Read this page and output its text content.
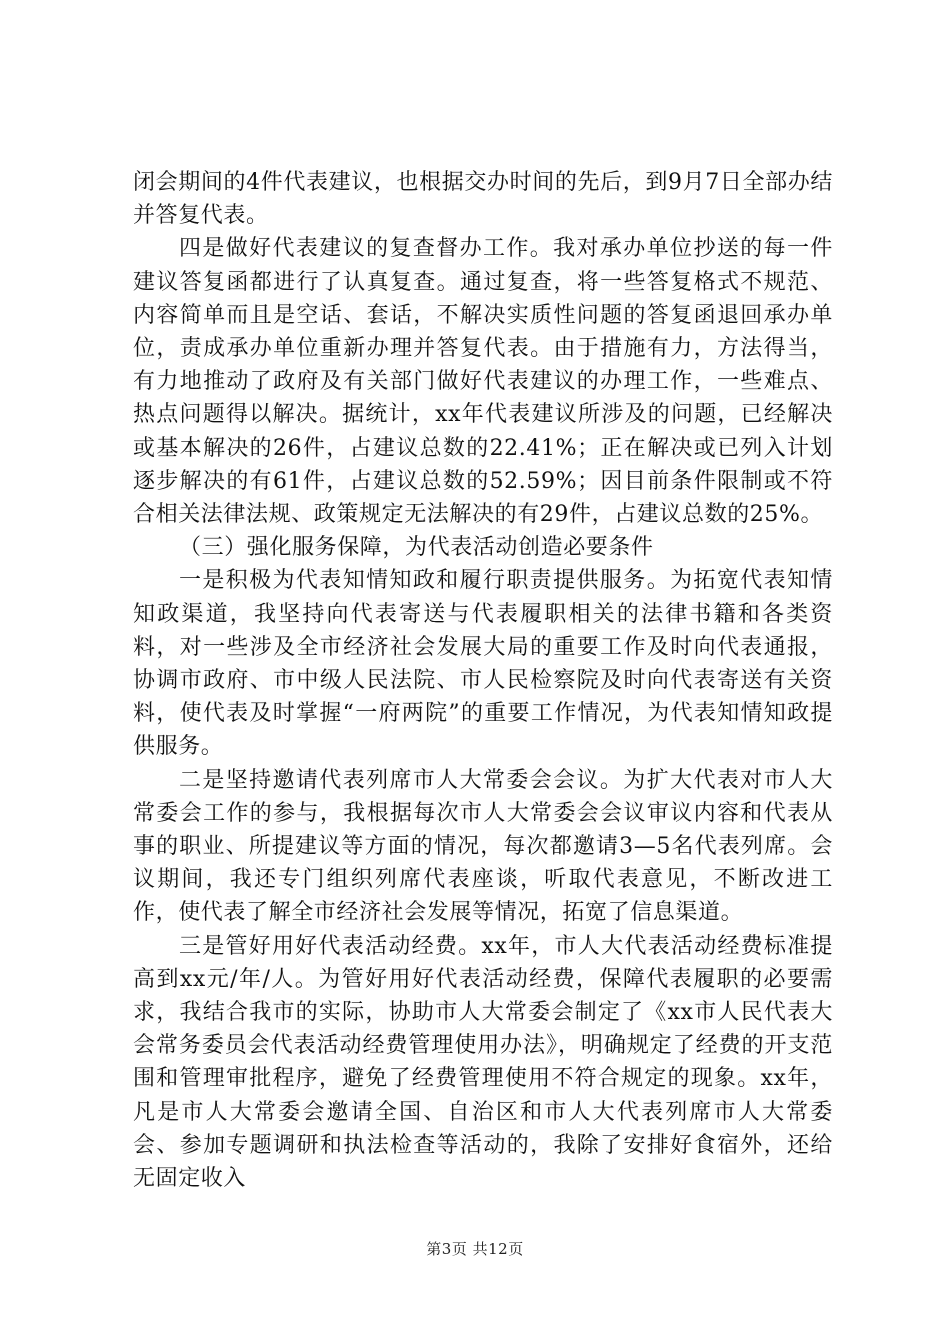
闭会期间的4件代表建议，也根据交办时间的先后，到9月7日全部办结并答复代表。

四是做好代表建议的复查督办工作。我对承办单位抄送的每一件建议答复函都进行了认真复查。通过复查，将一些答复格式不规范、内容简单而且是空话、套话，不解决实质性问题的答复函退回承办单位，责成承办单位重新办理并答复代表。由于措施有力，方法得当，有力地推动了政府及有关部门做好代表建议的办理工作，一些难点、热点问题得以解决。据统计，xx年代表建议所涉及的问题，已经解决或基本解决的26件，占建议总数的22.41%；正在解决或已列入计划逐步解决的有61件，占建议总数的52.59%；因目前条件限制或不符合相关法律法规、政策规定无法解决的有29件，占建议总数的25%。

（三）强化服务保障，为代表活动创造必要条件

一是积极为代表知情知政和履行职责提供服务。为拓宽代表知情知政渠道，我坚持向代表寄送与代表履职相关的法律书籍和各类资料，对一些涉及全市经济社会发展大局的重要工作及时向代表通报，协调市政府、市中级人民法院、市人民检察院及时向代表寄送有关资料，使代表及时掌握“一府两院”的重要工作情况，为代表知情知政提供服务。

二是坚持邀请代表列席市人大常委会会议。为扩大代表对市人大常委会工作的参与，我根据每次市人大常委会会议审议内容和代表从事的职业、所提建议等方面的情况，每次都邀请3—5名代表列席。会议期间，我还专门组织列席代表座谈，听取代表意见，不断改进工作，使代表了解全市经济社会发展等情况，拓宽了信息渠道。

三是管好用好代表活动经费。xx年，市人大代表活动经费标准提高到xx元/年/人。为管好用好代表活动经费，保障代表履职的必要需求，我结合我市的实际，协助市人大常委会制定了《xx市人民代表大会常务委员会代表活动经费管理使用办法》，明确规定了经费的开支范围和管理审批程序，避免了经费管理使用不符合规定的现象。xx年，凡是市人大常委会邀请全国、自治区和市人大代表列席市人大常委会、参加专题调研和执法检查等活动的，我除了安排好食宿外，还给无固定收入

第3页 共12页
